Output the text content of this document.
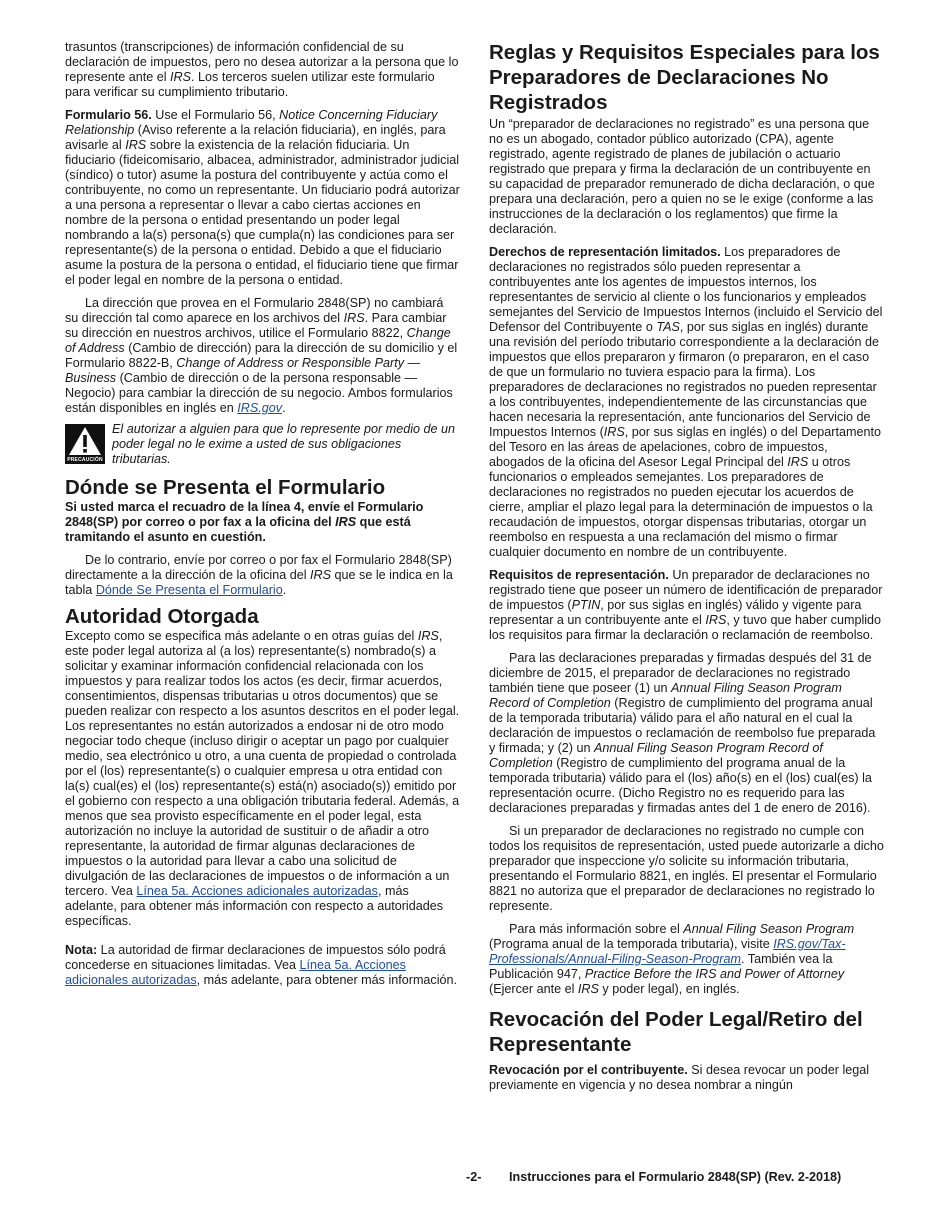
trasuntos (transcripciones) de información confidencial de su declaración de impuestos, pero no desea autorizar a la persona que lo represente ante el IRS. Los terceros suelen utilizar este formulario para verificar su cumplimiento tributario.

Formulario 56. Use el Formulario 56, Notice Concerning Fiduciary Relationship (Aviso referente a la relación fiduciaria), en inglés, para avisarle al IRS sobre la existencia de la relación fiduciaria. Un fiduciario (fideicomisario, albacea, administrador, administrador judicial (síndico) o tutor) asume la postura del contribuyente y actúa como el contribuyente, no como un representante. Un fiduciario podrá autorizar a una persona a representar o llevar a cabo ciertas acciones en nombre de la persona o entidad presentando un poder legal nombrando a la(s) persona(s) que cumpla(n) las condiciones para ser representante(s) de la persona o entidad. Debido a que el fiduciario asume la postura de la persona o entidad, el fiduciario tiene que firmar el poder legal en nombre de la persona o entidad.

La dirección que provea en el Formulario 2848(SP) no cambiará su dirección tal como aparece en los archivos del IRS. Para cambiar su dirección en nuestros archivos, utilice el Formulario 8822, Change of Address (Cambio de dirección) para la dirección de su domicilio y el Formulario 8822-B, Change of Address or Responsible Party — Business (Cambio de dirección o de la persona responsable —Negocio) para cambiar la dirección de su negocio. Ambos formularios están disponibles en inglés en IRS.gov.

PRECAUCIÓN

El autorizar a alguien para que lo represente por medio de un poder legal no le exime a usted de sus obligaciones tributarias.

Dónde se Presenta el Formulario

Si usted marca el recuadro de la línea 4, envíe el Formulario 2848(SP) por correo o por fax a la oficina del IRS que está tramitando el asunto en cuestión.

De lo contrario, envíe por correo o por fax el Formulario 2848(SP) directamente a la dirección de la oficina del IRS que se le indica en la tabla Dónde Se Presenta el Formulario.

Autoridad Otorgada

Excepto como se especifica más adelante o en otras guías del IRS, este poder legal autoriza al (a los) representante(s) nombrado(s) a solicitar y examinar información confidencial relacionada con los impuestos y para realizar todos los actos (es decir, firmar acuerdos, consentimientos, dispensas tributarias u otros documentos) que se pueden realizar con respecto a los asuntos descritos en el poder legal. Los representantes no están autorizados a endosar ni de otro modo negociar todo cheque (incluso dirigir o aceptar un pago por cualquier medio, sea electrónico u otro, a una cuenta de propiedad o controlada por el (los) representante(s) o cualquier empresa u otra entidad con la(s) cual(es) el (los) representante(s) está(n) asociado(s)) emitido por el gobierno con respecto a una obligación tributaria federal. Además, a menos que sea provisto específicamente en el poder legal, esta autorización no incluye la autoridad de sustituir o de añadir a otro representante, la autoridad de firmar algunas declaraciones de impuestos o la autoridad para llevar a cabo una solicitud de divulgación de las declaraciones de impuestos o de información a un tercero. Vea Línea 5a. Acciones adicionales autorizadas, más adelante, para obtener más información con respecto a autoridades específicas.

Nota: La autoridad de firmar declaraciones de impuestos sólo podrá concederse en situaciones limitadas. Vea Línea 5a. Acciones adicionales autorizadas, más adelante, para obtener más información.

Reglas y Requisitos Especiales para los Preparadores de Declaraciones No Registrados

Un “preparador de declaraciones no registrado” es una persona que no es un abogado, contador público autorizado (CPA), agente registrado, agente registrado de planes de jubilación o actuario registrado que prepara y firma la declaración de un contribuyente en su capacidad de preparador remunerado de dicha declaración, o que prepara una declaración, pero a quien no se le exige (conforme a las instrucciones de la declaración o los reglamentos) que firme la declaración.

Derechos de representación limitados. Los preparadores de declaraciones no registrados sólo pueden representar a contribuyentes ante los agentes de impuestos internos, los representantes de servicio al cliente o los funcionarios y empleados semejantes del Servicio de Impuestos Internos (incluido el Servicio del Defensor del Contribuyente o TAS, por sus siglas en inglés) durante una revisión del período tributario correspondiente a la declaración de impuestos que ellos prepararon y firmaron (o prepararon, en el caso de que un formulario no tuviera espacio para la firma). Los preparadores de declaraciones no registrados no pueden representar a los contribuyentes, independientemente de las circunstancias que hacen necesaria la representación, ante funcionarios del Servicio de Impuestos Internos (IRS, por sus siglas en inglés) o del Departamento del Tesoro en las áreas de apelaciones, cobro de impuestos, abogados de la oficina del Asesor Legal Principal del IRS u otros funcionarios o empleados semejantes. Los preparadores de declaraciones no registrados no pueden ejecutar los acuerdos de cierre, ampliar el plazo legal para la determinación de impuestos o la recaudación de impuestos, otorgar dispensas tributarias, otorgar un reembolso en respuesta a una reclamación del mismo o firmar cualquier documento en nombre de un contribuyente.

Requisitos de representación. Un preparador de declaraciones no registrado tiene que poseer un número de identificación de preparador de impuestos (PTIN, por sus siglas en inglés) válido y vigente para representar a un contribuyente ante el IRS, y tuvo que haber cumplido los requisitos para firmar la declaración o reclamación de reembolso.

Para las declaraciones preparadas y firmadas después del 31 de diciembre de 2015, el preparador de declaraciones no registrado también tiene que poseer (1) un Annual Filing Season Program Record of Completion (Registro de cumplimiento del programa anual de la temporada tributaria) válido para el año natural en el cual la declaración de impuestos o reclamación de reembolso fue preparada y firmada; y (2) un Annual Filing Season Program Record of Completion (Registro de cumplimiento del programa anual de la temporada tributaria) válido para el (los) año(s) en el (los) cual(es) la representación ocurre. (Dicho Registro no es requerido para las declaraciones preparadas y firmadas antes del 1 de enero de 2016).

Si un preparador de declaraciones no registrado no cumple con todos los requisitos de representación, usted puede autorizarle a dicho preparador que inspeccione y/o solicite su información tributaria, presentando el Formulario 8821, en inglés. El presentar el Formulario 8821 no autoriza que el preparador de declaraciones no registrado lo represente.

Para más información sobre el Annual Filing Season Program (Programa anual de la temporada tributaria), visite IRS.gov/Tax-Professionals/Annual-Filing-Season-Program. También vea la Publicación 947, Practice Before the IRS and Power of Attorney (Ejercer ante el IRS y poder legal), en inglés.

Revocación del Poder Legal/Retiro del Representante

Revocación por el contribuyente. Si desea revocar un poder legal previamente en vigencia y no desea nombrar a ningún

-2- Instrucciones para el Formulario 2848(SP) (Rev. 2-2018)
